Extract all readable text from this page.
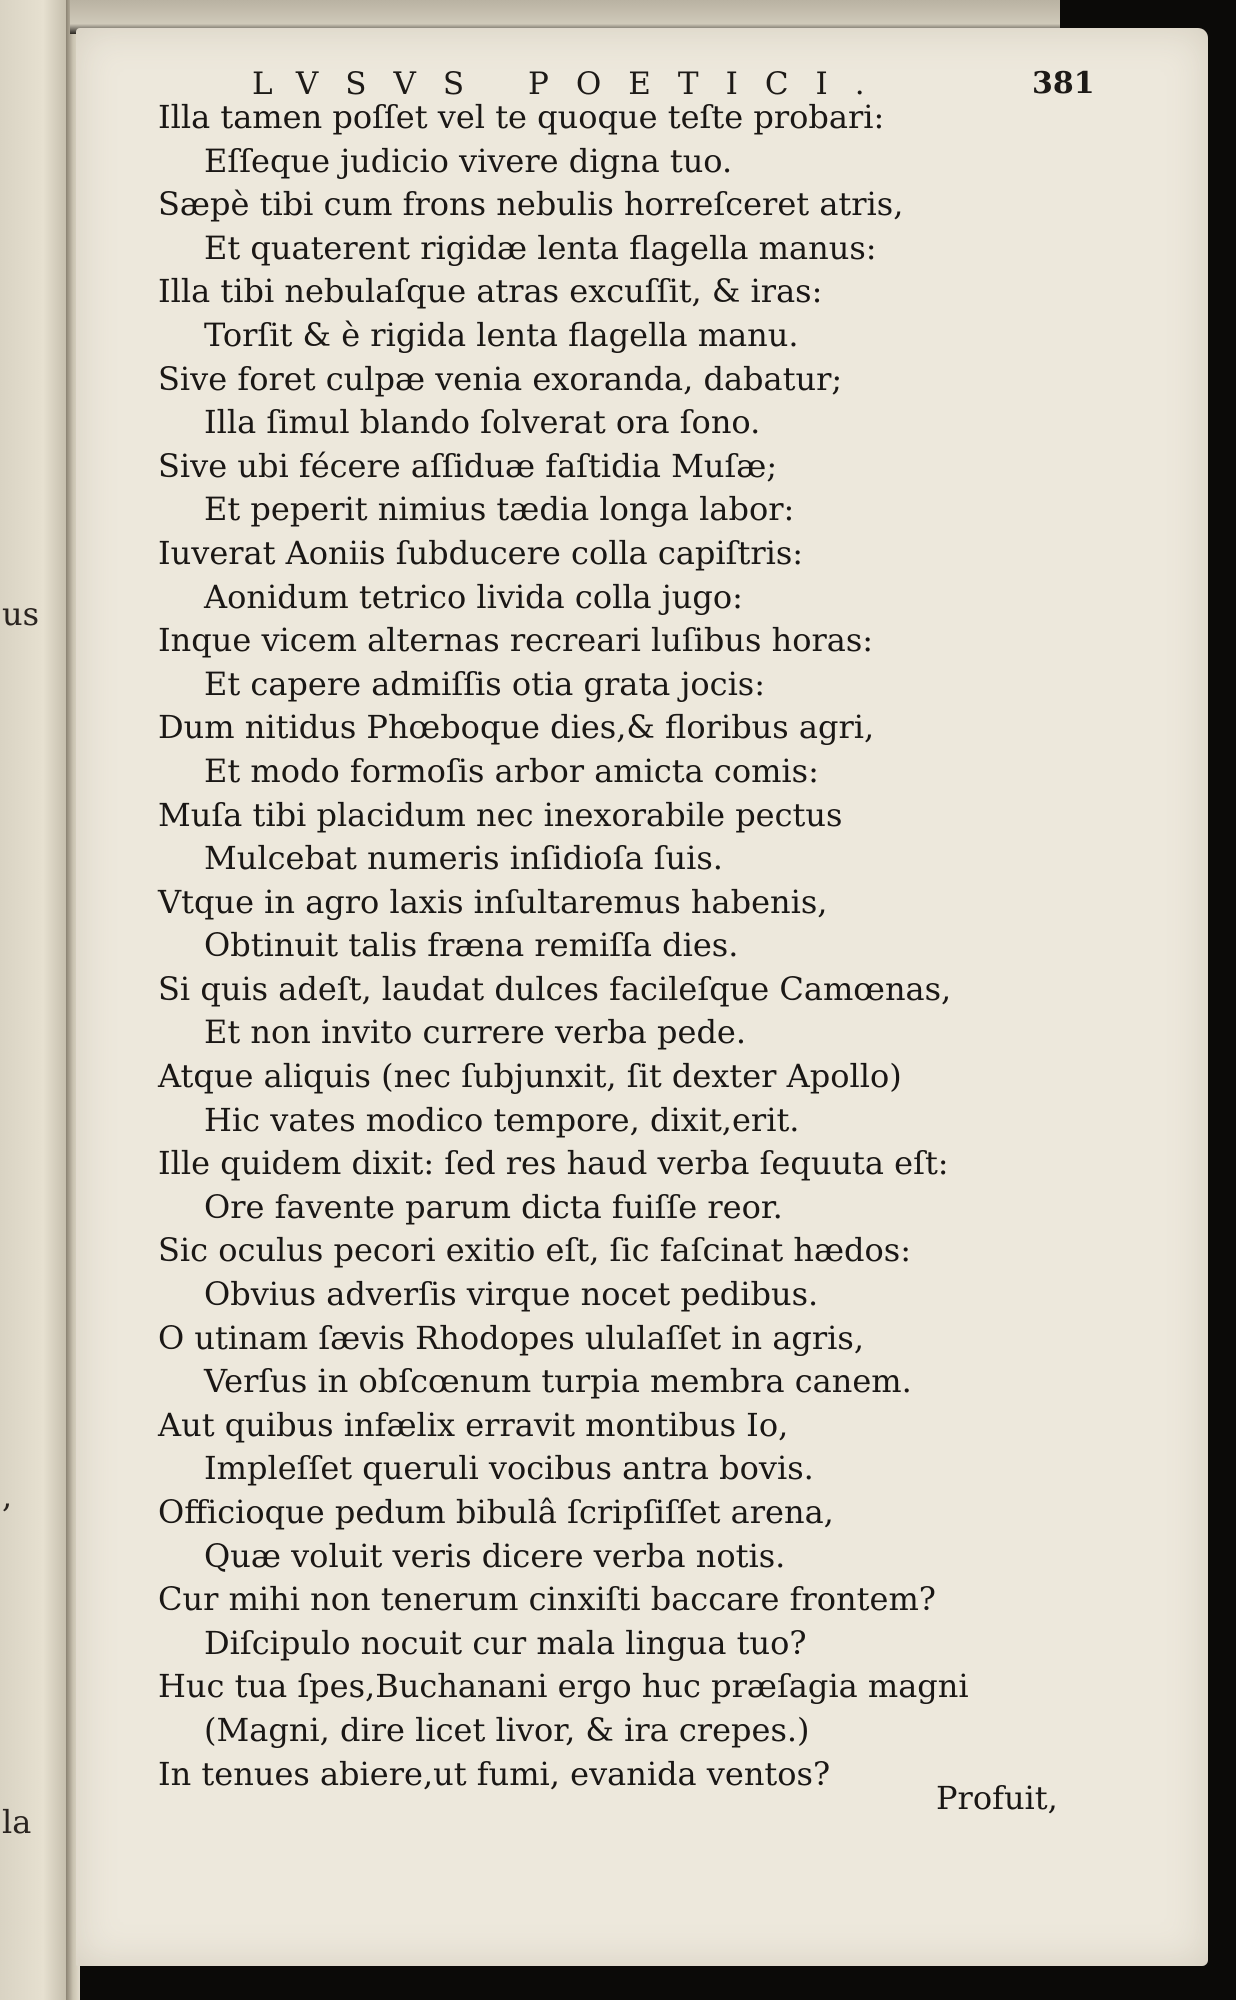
us
,
la
LVSVS POETICI.	381
Illa tamen poſſet vel te quoque teſte probari:
Eſſeque judicio vivere digna tuo.
Sæpè tibi cum frons nebulis horreſceret atris,
Et quaterent rigidæ lenta flagella manus:
Illa tibi nebulaſque atras excuſſit, & iras:
Torſit & è rigida lenta flagella manu.
Sive foret culpæ venia exoranda, dabatur;
Illa ſimul blando ſolverat ora ſono.
Sive ubi fécere aſſiduæ faſtidia Muſæ;
Et peperit nimius tædia longa labor:
Iuverat Aoniis ſubducere colla capiſtris:
Aonidum tetrico livida colla jugo:
Inque vicem alternas recreari luſibus horas:
Et capere admiſſis otia grata jocis:
Dum nitidus Phœboque dies,& floribus agri,
Et modo formoſis arbor amicta comis:
Muſa tibi placidum nec inexorabile pectus
Mulcebat numeris inſidioſa ſuis.
Vtque in agro laxis inſultaremus habenis,
Obtinuit talis fræna remiſſa dies.
Si quis adeſt, laudat dulces facileſque Camœnas,
Et non invito currere verba pede.
Atque aliquis (nec ſubjunxit, ſit dexter Apollo)
Hic vates modico tempore, dixit,erit.
Ille quidem dixit: ſed res haud verba ſequuta eſt:
Ore favente parum dicta fuiſſe reor.
Sic oculus pecori exitio eſt, ſic faſcinat hædos:
Obvius adverſis virque nocet pedibus.
O utinam ſævis Rhodopes ululaſſet in agris,
Verſus in obſcœnum turpia membra canem.
Aut quibus infælix erravit montibus Io,
Impleſſet queruli vocibus antra bovis.
Officioque pedum bibulâ ſcripſiſſet arena,
Quæ voluit veris dicere verba notis.
Cur mihi non tenerum cinxiſti baccare frontem?
Diſcipulo nocuit cur mala lingua tuo?
Huc tua ſpes,Buchanani ergo huc præſagia magni
(Magni, dire licet livor, & ira crepes.)
In tenues abiere,ut fumi, evanida ventos?
Profuit,
